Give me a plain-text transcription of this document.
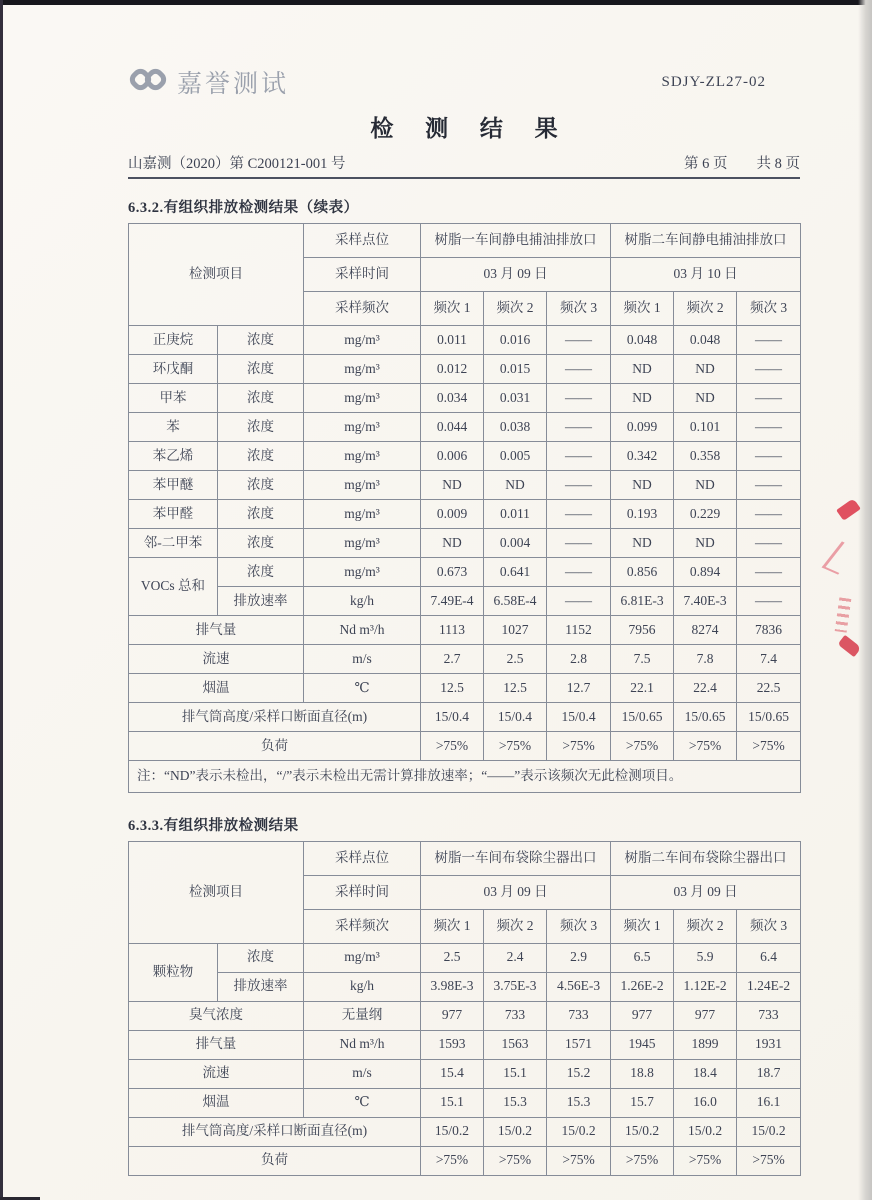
嘉誉测试	SDJY-ZL27-02
检 测 结 果
山嘉测（2020）第 C200121-001 号	第 6 页　　共 8 页
6.3.2.有组织排放检测结果（续表）
检测项目		采样点位	树脂一车间静电捕油排放口			树脂二车间静电捕油排放口		
		采样时间	03 月 09 日			03 月 10 日		
		采样频次	频次 1	频次 2	频次 3	频次 1	频次 2	频次 3
正庚烷	浓度	mg/m³	0.011	0.016	——	0.048	0.048	——
环戊酮	浓度	mg/m³	0.012	0.015	——	ND	ND	——
甲苯	浓度	mg/m³	0.034	0.031	——	ND	ND	——
苯	浓度	mg/m³	0.044	0.038	——	0.099	0.101	——
苯乙烯	浓度	mg/m³	0.006	0.005	——	0.342	0.358	——
苯甲醚	浓度	mg/m³	ND	ND	——	ND	ND	——
苯甲醛	浓度	mg/m³	0.009	0.011	——	0.193	0.229	——
邻-二甲苯	浓度	mg/m³	ND	0.004	——	ND	ND	——
VOCs 总和	浓度	mg/m³	0.673	0.641	——	0.856	0.894	——
	排放速率	kg/h	7.49E-4	6.58E-4	——	6.81E-3	7.40E-3	——
排气量		Nd m³/h	1113	1027	1152	7956	8274	7836
流速		m/s	2.7	2.5	2.8	7.5	7.8	7.4
烟温		℃	12.5	12.5	12.7	22.1	22.4	22.5
排气筒高度/采样口断面直径(m)			15/0.4	15/0.4	15/0.4	15/0.65	15/0.65	15/0.65
负荷			>75%	>75%	>75%	>75%	>75%	>75%
注：“ND”表示未检出，“/”表示未检出无需计算排放速率；“——”表示该频次无此检测项目。								
6.3.3.有组织排放检测结果
检测项目		采样点位	树脂一车间布袋除尘器出口			树脂二车间布袋除尘器出口		
		采样时间	03 月 09 日			03 月 09 日		
		采样频次	频次 1	频次 2	频次 3	频次 1	频次 2	频次 3
颗粒物	浓度	mg/m³	2.5	2.4	2.9	6.5	5.9	6.4
	排放速率	kg/h	3.98E-3	3.75E-3	4.56E-3	1.26E-2	1.12E-2	1.24E-2
臭气浓度		无量纲	977	733	733	977	977	733
排气量		Nd m³/h	1593	1563	1571	1945	1899	1931
流速		m/s	15.4	15.1	15.2	18.8	18.4	18.7
烟温		℃	15.1	15.3	15.3	15.7	16.0	16.1
排气筒高度/采样口断面直径(m)			15/0.2	15/0.2	15/0.2	15/0.2	15/0.2	15/0.2
负荷			>75%	>75%	>75%	>75%	>75%	>75%
